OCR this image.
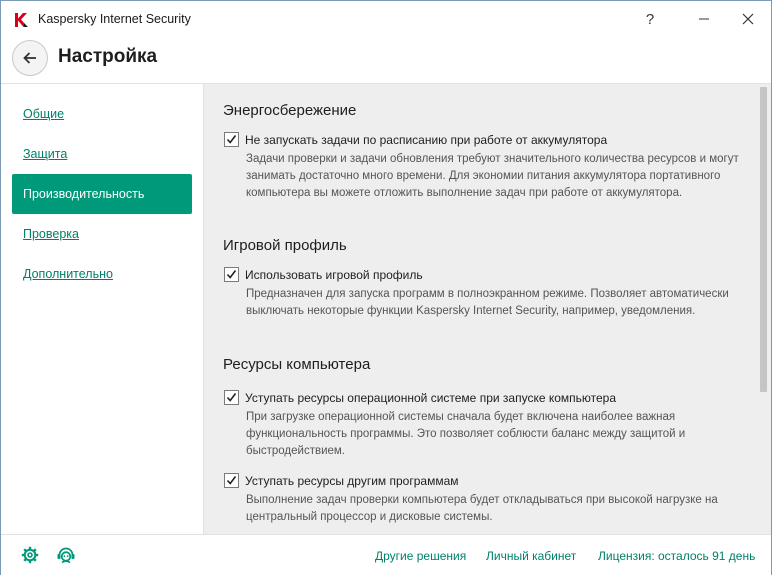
Kaspersky Internet Security	?
Настройка
Общие
Защита
Производительность
Проверка
Дополнительно
Энергосбережение
Не запускать задачи по расписанию при работе от аккумулятора
Задачи проверки и задачи обновления требуют значительного количества ресурсов и могут занимать достаточно много времени. Для экономии питания аккумулятора портативного компьютера вы можете отложить выполнение задач при работе от аккумулятора.
Игровой профиль
Использовать игровой профиль
Предназначен для запуска программ в полноэкранном режиме. Позволяет автоматически выключать некоторые функции Kaspersky Internet Security, например, уведомления.
Ресурсы компьютера
Уступать ресурсы операционной системе при запуске компьютера
При загрузке операционной системы сначала будет включена наиболее важная функциональность программы. Это позволяет соблюсти баланс между защитой и быстродействием.
Уступать ресурсы другим программам
Выполнение задач проверки компьютера будет откладываться при высокой нагрузке на центральный процессор и дисковые системы.
Другие решения Личный кабинет Лицензия: осталось 91 день
